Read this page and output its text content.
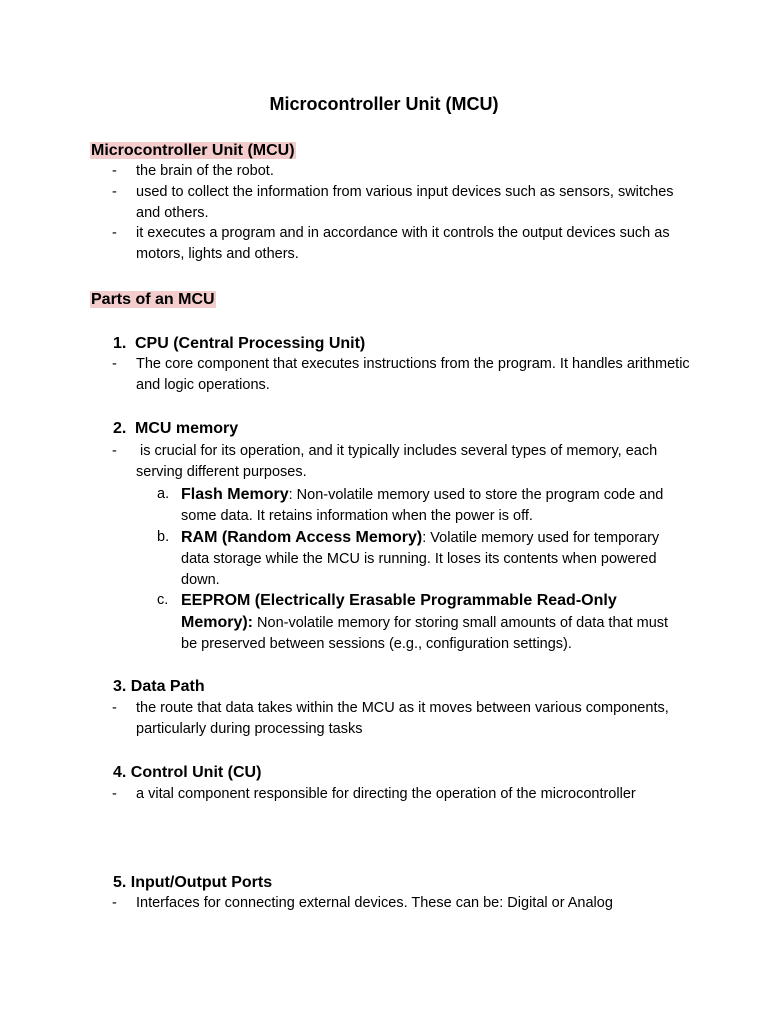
Microcontroller Unit (MCU)
Microcontroller Unit (MCU)
- the brain of the robot.
- used to collect the information from various input devices such as sensors, switches and others.
- it executes a program and in accordance with it controls the output devices such as motors, lights and others.
Parts of an MCU
1. CPU (Central Processing Unit)
- The core component that executes instructions from the program. It handles arithmetic and logic operations.
2. MCU memory
- is crucial for its operation, and it typically includes several types of memory, each serving different purposes.
a. Flash Memory: Non-volatile memory used to store the program code and some data. It retains information when the power is off.
b. RAM (Random Access Memory): Volatile memory used for temporary data storage while the MCU is running. It loses its contents when powered down.
c. EEPROM (Electrically Erasable Programmable Read-Only Memory): Non-volatile memory for storing small amounts of data that must be preserved between sessions (e.g., configuration settings).
3. Data Path
- the route that data takes within the MCU as it moves between various components, particularly during processing tasks
4. Control Unit (CU)
- a vital component responsible for directing the operation of the microcontroller
5. Input/Output Ports
- Interfaces for connecting external devices. These can be: Digital or Analog
